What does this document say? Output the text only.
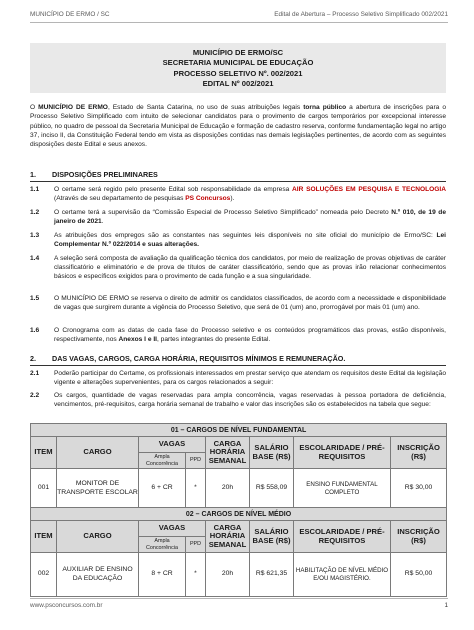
MUNICÍPIO DE ERMO / SC	Edital de Abertura – Processo Seletivo Simplificado 002/2021
MUNICÍPIO DE ERMO/SC
SECRETARIA MUNICIPAL DE EDUCAÇÃO
PROCESSO SELETIVO Nº. 002/2021
EDITAL Nº 002/2021
O MUNICÍPIO DE ERMO, Estado de Santa Catarina, no uso de suas atribuições legais torna público a abertura de inscrições para o Processo Seletivo Simplificado com intuito de selecionar candidatos para o provimento de cargos temporários por excepcional interesse público, no quadro de pessoal da Secretaria Municipal de Educação e formação de cadastro reserva, conforme fundamentação legal no artigo 37, inciso II, da Constituição Federal tendo em vista as disposições contidas nas demais legislações pertinentes, de acordo com as seguintes disposições deste Edital e seus anexos.
1. DISPOSIÇÕES PRELIMINARES
1.1 O certame será regido pelo presente Edital sob responsabilidade da empresa AIR SOLUÇÕES EM PESQUISA E TECNOLOGIA (Através de seu departamento de pesquisas PS Concursos).
1.2 O certame terá a supervisão da “Comissão Especial de Processo Seletivo Simplificado” nomeada pelo Decreto N.º 010, de 19 de janeiro de 2021.
1.3 As atribuições dos empregos são as constantes nas seguintes leis disponíveis no site oficial do município de Ermo/SC: Lei Complementar N.º 022/2014 e suas alterações.
1.4 A seleção será composta de avaliação da qualificação técnica dos candidatos, por meio de realização de provas objetivas de caráter classificatório e eliminatório e de prova de títulos de caráter classificatório, sendo que as provas irão relacionar conhecimentos básicos e específicos exigidos para o provimento de cada função e a sua singularidade.
1.5 O MUNICÍPIO DE ERMO se reserva o direito de admitir os candidatos classificados, de acordo com a necessidade e disponibilidade de vagas que surgirem durante a vigência do Processo Seletivo, que será de 01 (um) ano, prorrogável por mais 01 (um) ano.
1.6 O Cronograma com as datas de cada fase do Processo seletivo e os conteúdos programáticos das provas, estão disponíveis, respectivamente, nos Anexos I e II, partes integrantes do presente Edital.
2. DAS VAGAS, CARGOS, CARGA HORÁRIA, REQUISITOS MÍNIMOS E REMUNERAÇÃO.
2.1 Poderão participar do Certame, os profissionais interessados em prestar serviço que atendam os requisitos deste Edital da legislação vigente e alterações supervenientes, para os cargos relacionados a seguir:
2.2 Os cargos, quantidade de vagas reservadas para ampla concorrência, vagas reservadas à pessoa portadora de deficiência, vencimentos, pré-requisitos, carga horária semanal de trabalho e valor das inscrições são os estabelecidos na tabela que segue:
01 – CARGOS DE NÍVEL FUNDAMENTAL							
ITEM	CARGO	VAGAS		CARGA HORÁRIA SEMANAL	SALÁRIO BASE (R$)	ESCOLARIDADE / PRÉ-REQUISITOS	INSCRIÇÃO (R$)
		Ampla Concorrência	PPD				
001	MONITOR DE TRANSPORTE ESCOLAR	6 + CR	*	20h	R$ 558,09	ENSINO FUNDAMENTAL COMPLETO	R$ 30,00
02 – CARGOS DE NÍVEL MÉDIO							
ITEM	CARGO	VAGAS		CARGA HORÁRIA SEMANAL	SALÁRIO BASE (R$)	ESCOLARIDADE / PRÉ-REQUISITOS	INSCRIÇÃO (R$)
		Ampla Concorrência	PPD				
002	AUXILIAR DE ENSINO DA EDUCAÇÃO	8 + CR	*	20h	R$ 621,35	HABILITAÇÃO DE NÍVEL MÉDIO E/OU MAGISTÉRIO.	R$ 50,00
www.psconcursos.com.br	1
